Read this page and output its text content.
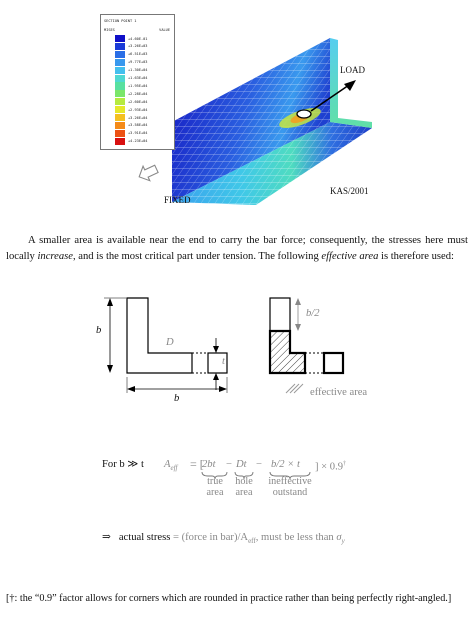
SECTION POINT 1
MISES	VALUE
+4.60E-01
+3.26E+03
+6.51E+03
+9.77E+03
+1.30E+04
+1.63E+04
+1.95E+04
+2.28E+04
+2.60E+04
+2.93E+04
+3.26E+04
+3.58E+04
+3.91E+04
+4.23E+04
LOAD
FIXED
KAS/2001
A smaller area is available near the end to carry the bar force; consequently, the stresses here must locally increase, and is the most critical part under tension. The following effective area is therefore used:
b
b
D
t
b/2
effective area
For b ≫ t $A_{eff}$ = [
2bt − Dt − b/2 × t ] × 0.9†
true
area
hole
area
ineffective
outstand
⇒ actual stress = (force in $bar)/A_{eff}$, must be less than $\sigma_y$
[†: the “0.9” factor allows for corners which are rounded in practice rather than being perfectly right-angled.]
